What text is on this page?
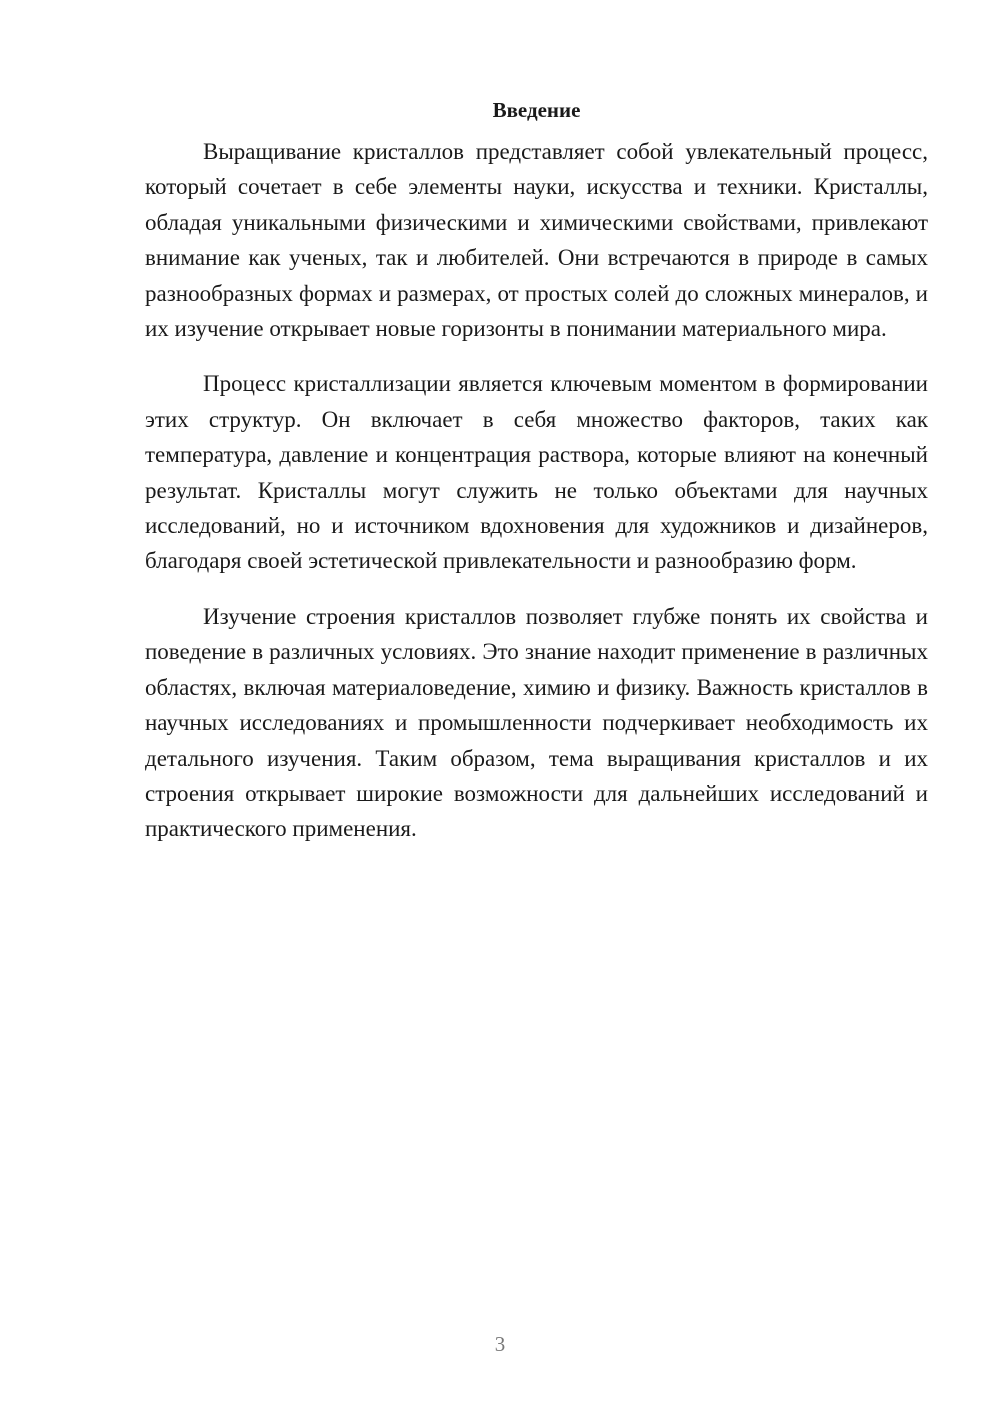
Введение

Выращивание кристаллов представляет собой увлекательный процесс, который сочетает в себе элементы науки, искусства и техники. Кристаллы, обладая уникальными физическими и химическими свойствами, привлекают внимание как ученых, так и любителей. Они встречаются в природе в самых разнообразных формах и размерах, от простых солей до сложных минералов, и их изучение открывает новые горизонты в понимании материального мира.

Процесс кристаллизации является ключевым моментом в формировании этих структур. Он включает в себя множество факторов, таких как температура, давление и концентрация раствора, которые влияют на конечный результат. Кристаллы могут служить не только объектами для научных исследований, но и источником вдохновения для художников и дизайнеров, благодаря своей эстетической привлекательности и разнообразию форм.

Изучение строения кристаллов позволяет глубже понять их свойства и поведение в различных условиях. Это знание находит применение в различных областях, включая материаловедение, химию и физику. Важность кристаллов в научных исследованиях и промышленности подчеркивает необходимость их детального изучения. Таким образом, тема выращивания кристаллов и их строения открывает широкие возможности для дальнейших исследований и практического применения.

3
